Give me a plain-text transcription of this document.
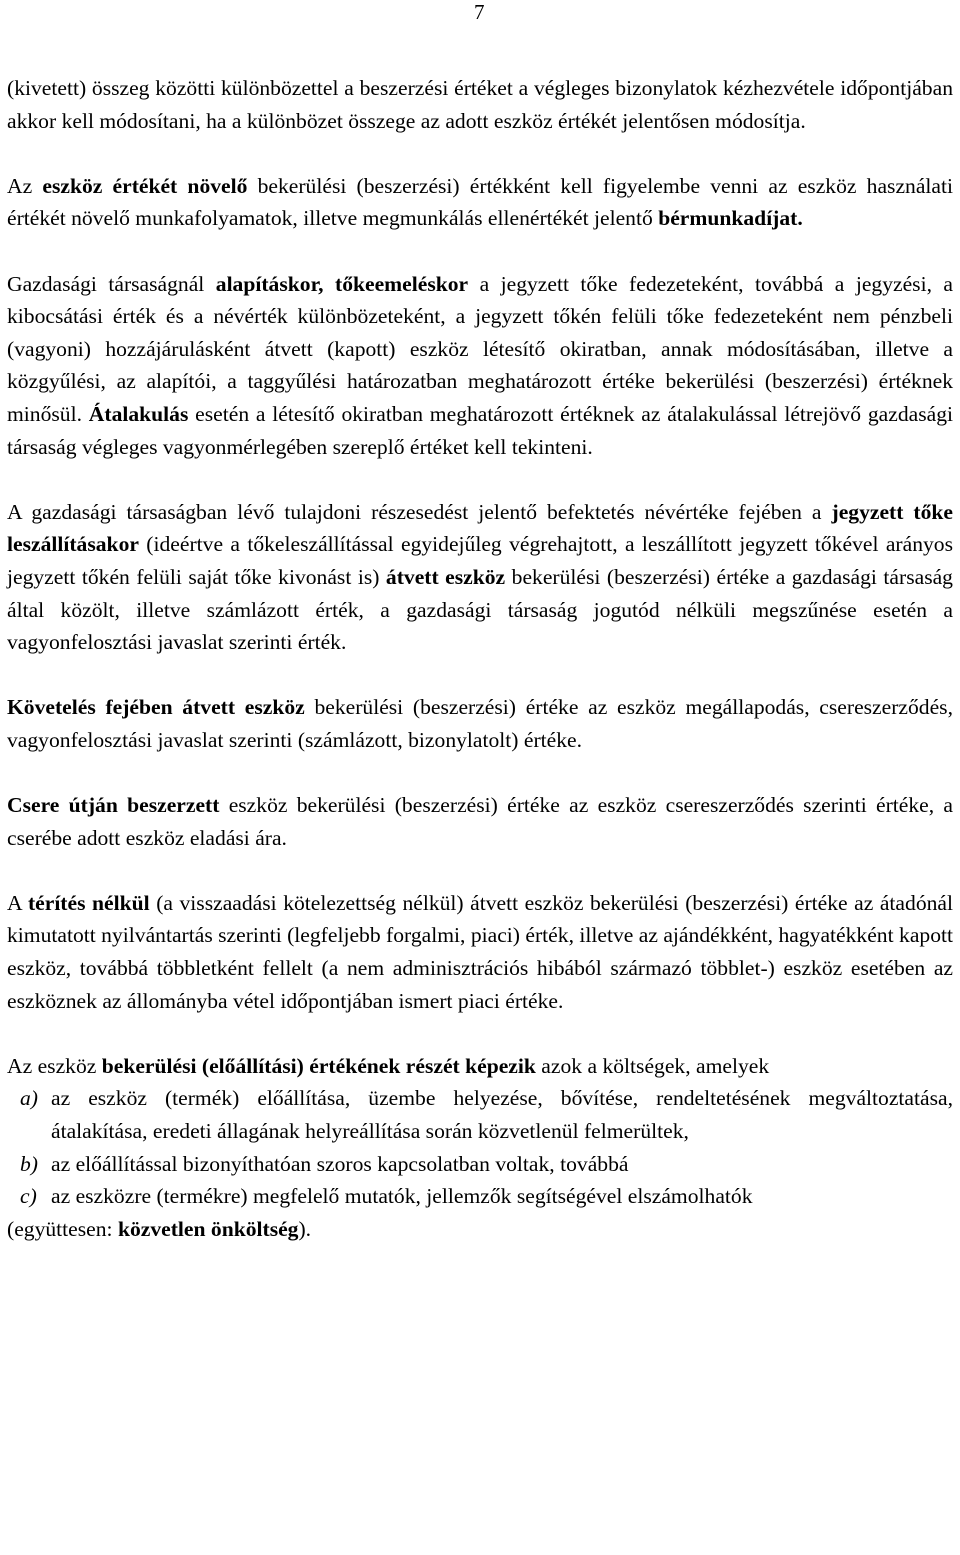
7

(kivetett) összeg közötti különbözettel a beszerzési értéket a végleges bizonylatok kézhezvétele időpontjában akkor kell módosítani, ha a különbözet összege az adott eszköz értékét jelentősen módosítja.

Az eszköz értékét növelő bekerülési (beszerzési) értékként kell figyelembe venni az eszköz használati értékét növelő munkafolyamatok, illetve megmunkálás ellenértékét jelentő bérmunkadíjat.

Gazdasági társaságnál alapításkor, tőkeemeléskor a jegyzett tőke fedezeteként, továbbá a jegyzési, a kibocsátási érték és a névérték különbözeteként, a jegyzett tőkén felüli tőke fedezeteként nem pénzbeli (vagyoni) hozzájárulásként átvett (kapott) eszköz létesítő okiratban, annak módosításában, illetve a közgyűlési, az alapítói, a taggyűlési határozatban meghatározott értéke bekerülési (beszerzési) értéknek minősül. Átalakulás esetén a létesítő okiratban meghatározott értéknek az átalakulással létrejövő gazdasági társaság végleges vagyonmérlegében szereplő értéket kell tekinteni.

A gazdasági társaságban lévő tulajdoni részesedést jelentő befektetés névértéke fejében a jegyzett tőke leszállításakor (ideértve a tőkeleszállítással egyidejűleg végrehajtott, a leszállított jegyzett tőkével arányos jegyzett tőkén felüli saját tőke kivonást is) átvett eszköz bekerülési (beszerzési) értéke a gazdasági társaság által közölt, illetve számlázott érték, a gazdasági társaság jogutód nélküli megszűnése esetén a vagyonfelosztási javaslat szerinti érték.

Követelés fejében átvett eszköz bekerülési (beszerzési) értéke az eszköz megállapodás, csereszerződés, vagyonfelosztási javaslat szerinti (számlázott, bizonylatolt) értéke.

Csere útján beszerzett eszköz bekerülési (beszerzési) értéke az eszköz csereszerződés szerinti értéke, a cserébe adott eszköz eladási ára.

A térítés nélkül (a visszaadási kötelezettség nélkül) átvett eszköz bekerülési (beszerzési) értéke az átadónál kimutatott nyilvántartás szerinti (legfeljebb forgalmi, piaci) érték, illetve az ajándékként, hagyatékként kapott eszköz, továbbá többletként fellelt (a nem adminisztrációs hibából származó többlet-) eszköz esetében az eszköznek az állományba vétel időpontjában ismert piaci értéke.

Az eszköz bekerülési (előállítási) értékének részét képezik azok a költségek, amelyek

a) az eszköz (termék) előállítása, üzembe helyezése, bővítése, rendeltetésének megváltoztatása, átalakítása, eredeti állagának helyreállítása során közvetlenül felmerültek,
b) az előállítással bizonyíthatóan szoros kapcsolatban voltak, továbbá
c) az eszközre (termékre) megfelelő mutatók, jellemzők segítségével elszámolhatók

(együttesen: közvetlen önköltség).
